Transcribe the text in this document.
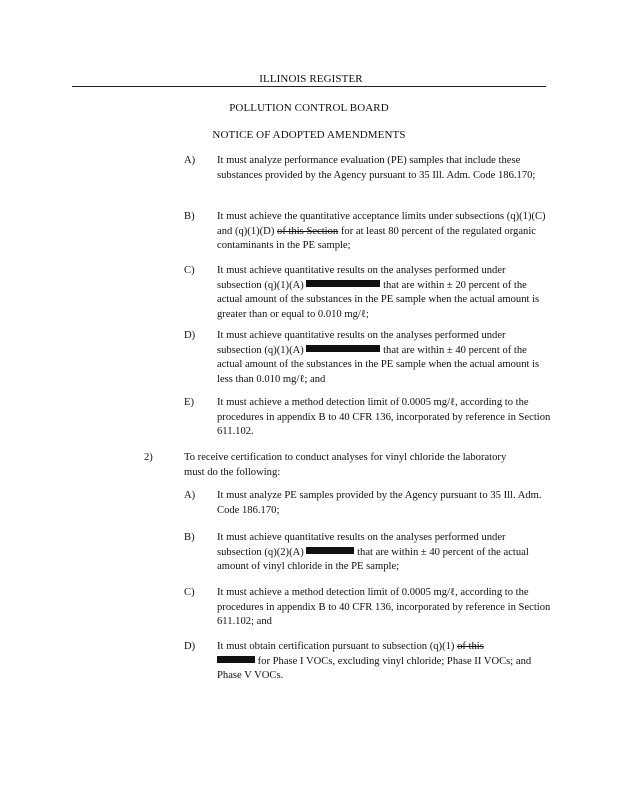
ILLINOIS REGISTER
POLLUTION CONTROL BOARD
NOTICE OF ADOPTED AMENDMENTS
A) It must analyze performance evaluation (PE) samples that include these substances provided by the Agency pursuant to 35 Ill. Adm. Code 186.170;
B) It must achieve the quantitative acceptance limits under subsections (q)(1)(C) and (q)(1)(D) of this Section for at least 80 percent of the regulated organic contaminants in the PE sample;
C) It must achieve quantitative results on the analyses performed under subsection (q)(1)(A)	that are within ± 20 percent of the actual amount of the substances in the PE sample when the actual amount is greater than or equal to 0.010 mg/ℓ;
D) It must achieve quantitative results on the analyses performed under subsection (q)(1)(A)	that are within ± 40 percent of the actual amount of the substances in the PE sample when the actual amount is less than 0.010 mg/ℓ; and
E) It must achieve a method detection limit of 0.0005 mg/ℓ, according to the procedures in appendix B to 40 CFR 136, incorporated by reference in Section 611.102.
2)	To receive certification to conduct analyses for vinyl chloride the laboratory must do the following:
A) It must analyze PE samples provided by the Agency pursuant to 35 Ill. Adm. Code 186.170;
B) It must achieve quantitative results on the analyses performed under subsection (q)(2)(A)	that are within ± 40 percent of the actual amount of vinyl chloride in the PE sample;
C) It must achieve a method detection limit of 0.0005 mg/ℓ, according to the procedures in appendix B to 40 CFR 136, incorporated by reference in Section 611.102; and
D) It must obtain certification pursuant to subsection (q)(1) of this
for Phase I VOCs, excluding vinyl chloride; Phase II VOCs; and Phase V VOCs.
